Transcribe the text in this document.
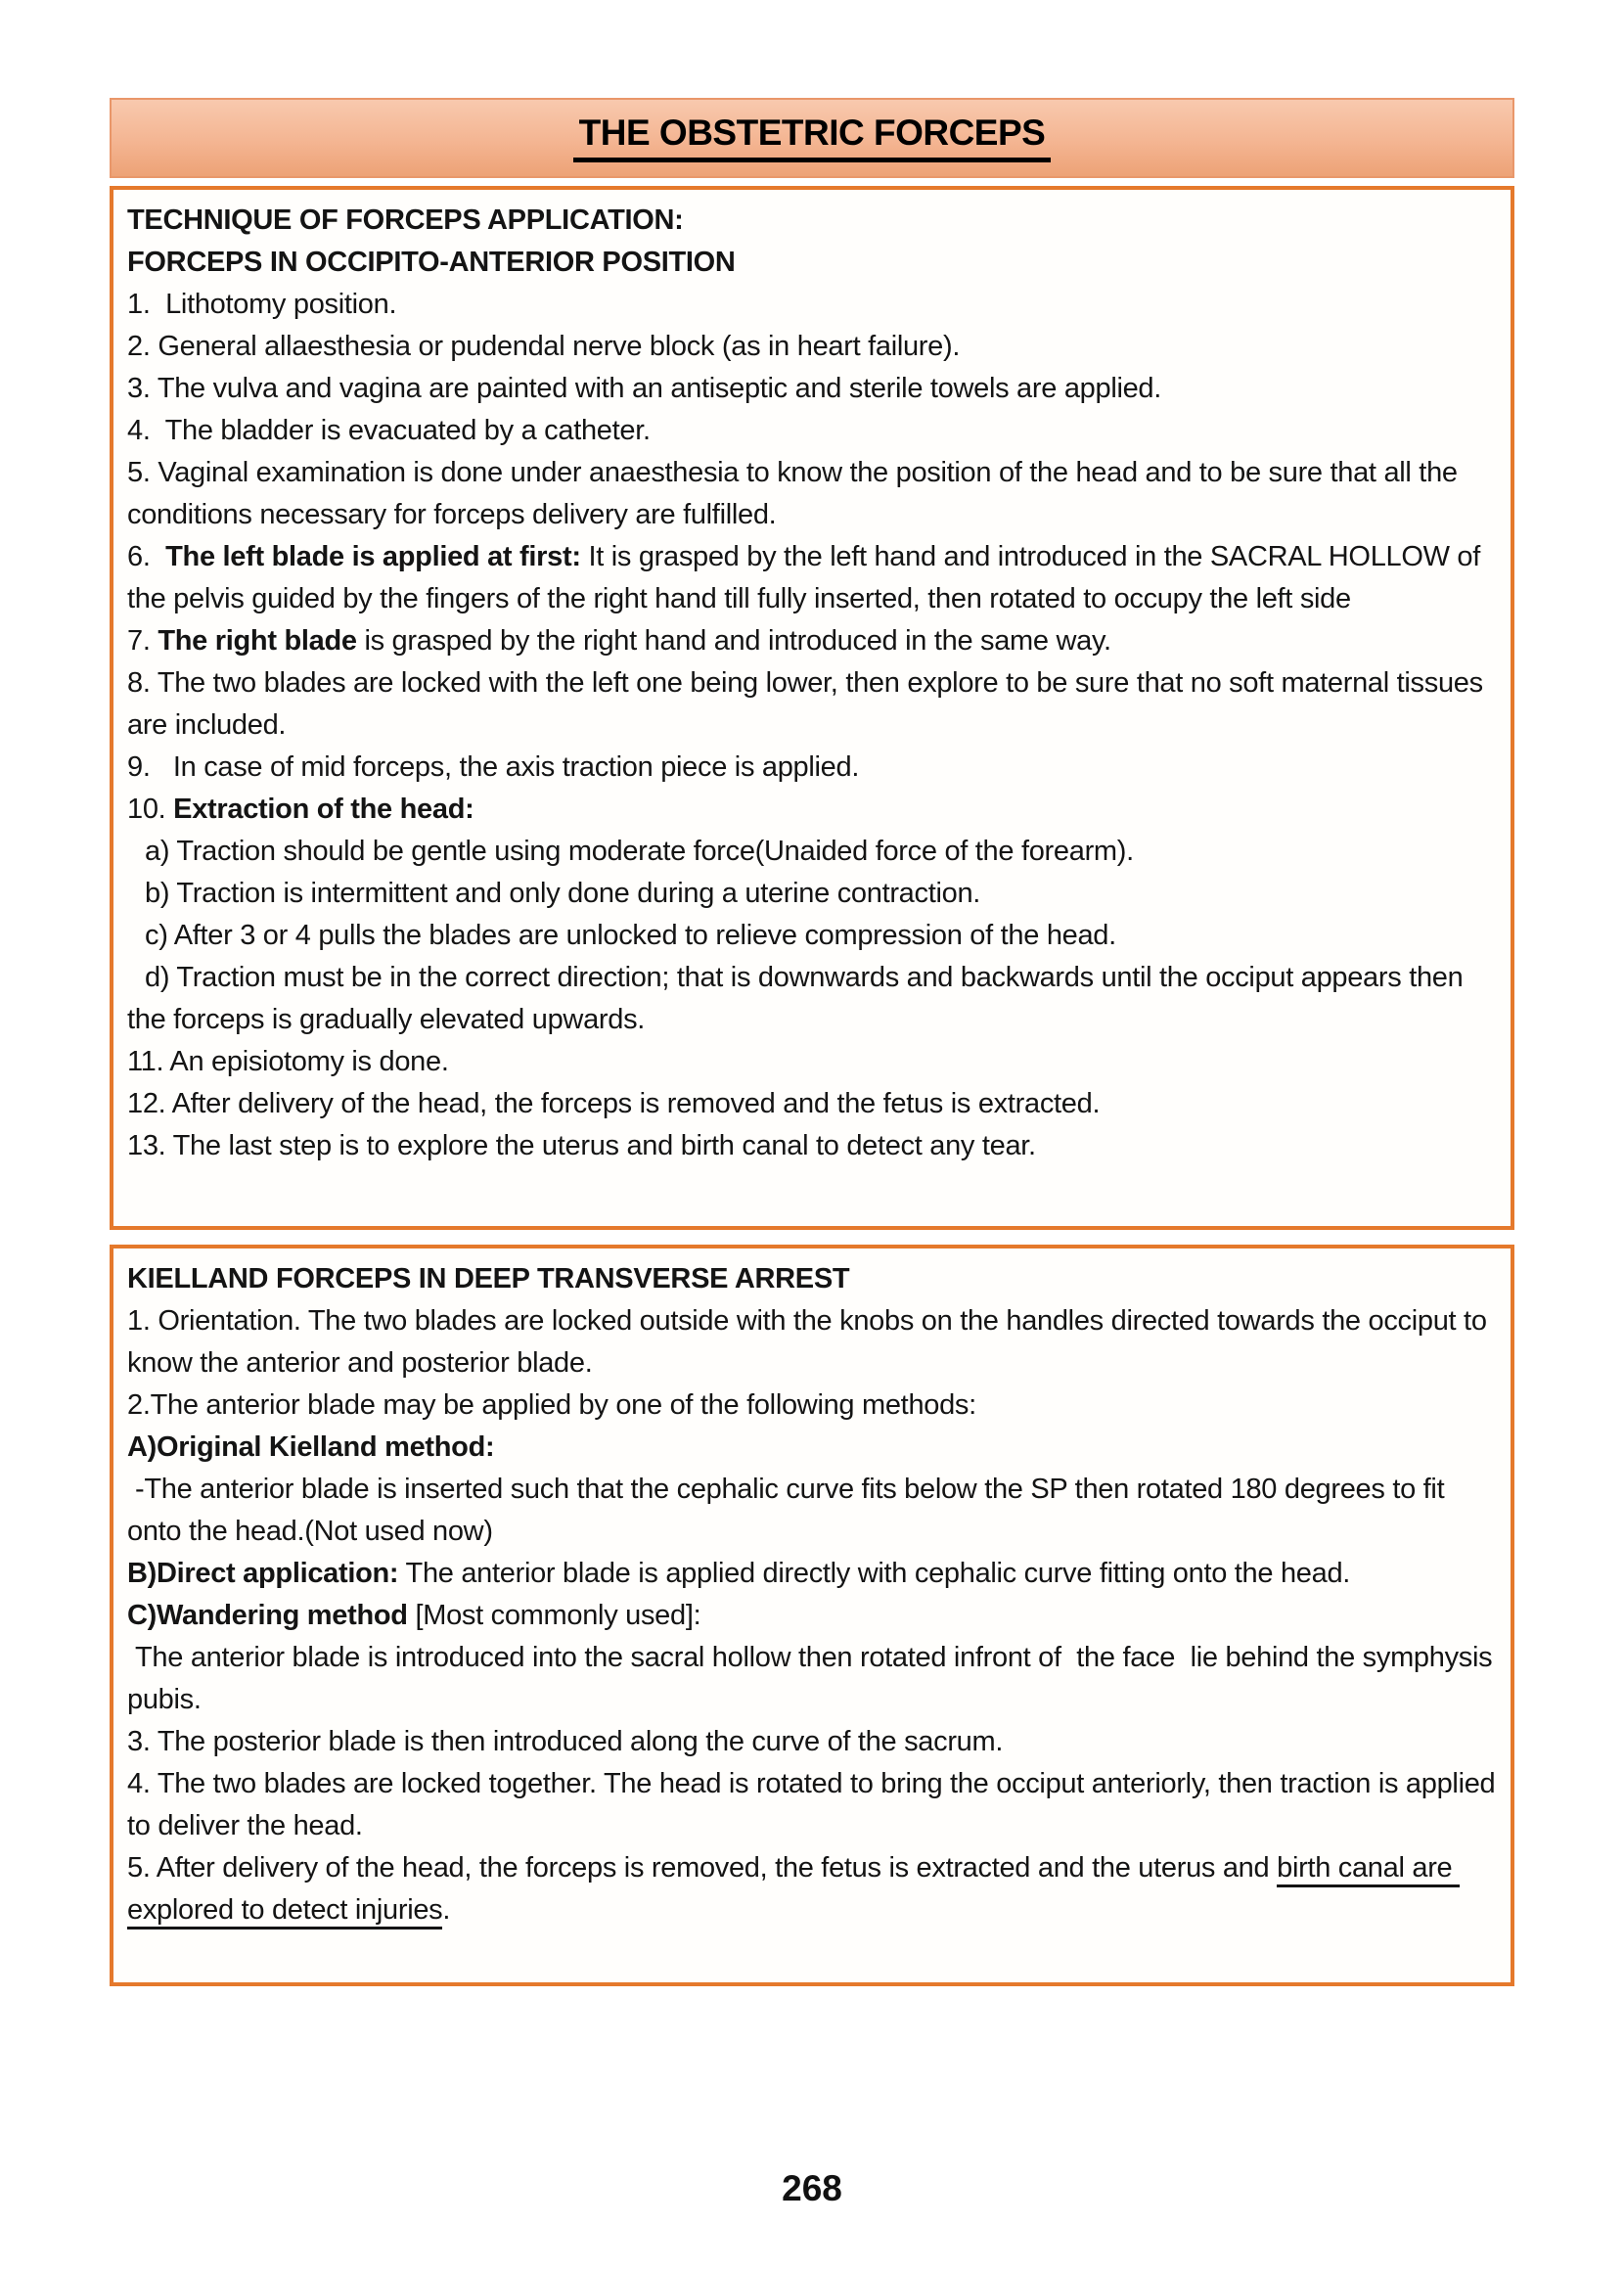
THE OBSTETRIC FORCEPS
TECHNIQUE OF FORCEPS APPLICATION:
FORCEPS IN OCCIPITO-ANTERIOR POSITION
1.  Lithotomy position.
2. General allaesthesia or pudendal nerve block (as in heart failure).
3. The vulva and vagina are painted with an antiseptic and sterile towels are applied.
4.  The bladder is evacuated by a catheter.
5. Vaginal examination is done under anaesthesia to know the position of the head and to be sure that all the conditions necessary for forceps delivery are fulfilled.
6.  The left blade is applied at first: It is grasped by the left hand and introduced in the SACRAL HOLLOW of the pelvis guided by the fingers of the right hand till fully inserted, then rotated to occupy the left side
7. The right blade is grasped by the right hand and introduced in the same way.
8. The two blades are locked with the left one being lower, then explore to be sure that no soft maternal tissues are included.
9.   In case of mid forceps, the axis traction piece is applied.
10. Extraction of the head:
a) Traction should be gentle using moderate force(Unaided force of the forearm).
b) Traction is intermittent and only done during a uterine contraction.
c) After 3 or 4 pulls the blades are unlocked to relieve compression of the head.
d) Traction must be in the correct direction; that is downwards and backwards until the occiput appears then the forceps is gradually elevated upwards.
11. An episiotomy is done.
12. After delivery of the head, the forceps is removed and the fetus is extracted.
13. The last step is to explore the uterus and birth canal to detect any tear.
KIELLAND FORCEPS IN DEEP TRANSVERSE ARREST
1. Orientation. The two blades are locked outside with the knobs on the handles directed towards the occiput to know the anterior and posterior blade.
2.The anterior blade may be applied by one of the following methods:
A)Original Kielland method:
-The anterior blade is inserted such that the cephalic curve fits below the SP then rotated 180 degrees to fit onto the head.(Not used now)
B)Direct application: The anterior blade is applied directly with cephalic curve fitting onto the head.
C)Wandering method [Most commonly used]:
The anterior blade is introduced into the sacral hollow then rotated infront of  the face  lie behind the symphysis pubis.
3. The posterior blade is then introduced along the curve of the sacrum.
4. The two blades are locked together. The head is rotated to bring the occiput anteriorly, then traction is applied to deliver the head.
5. After delivery of the head, the forceps is removed, the fetus is extracted and the uterus and birth canal are explored to detect injuries.
268
